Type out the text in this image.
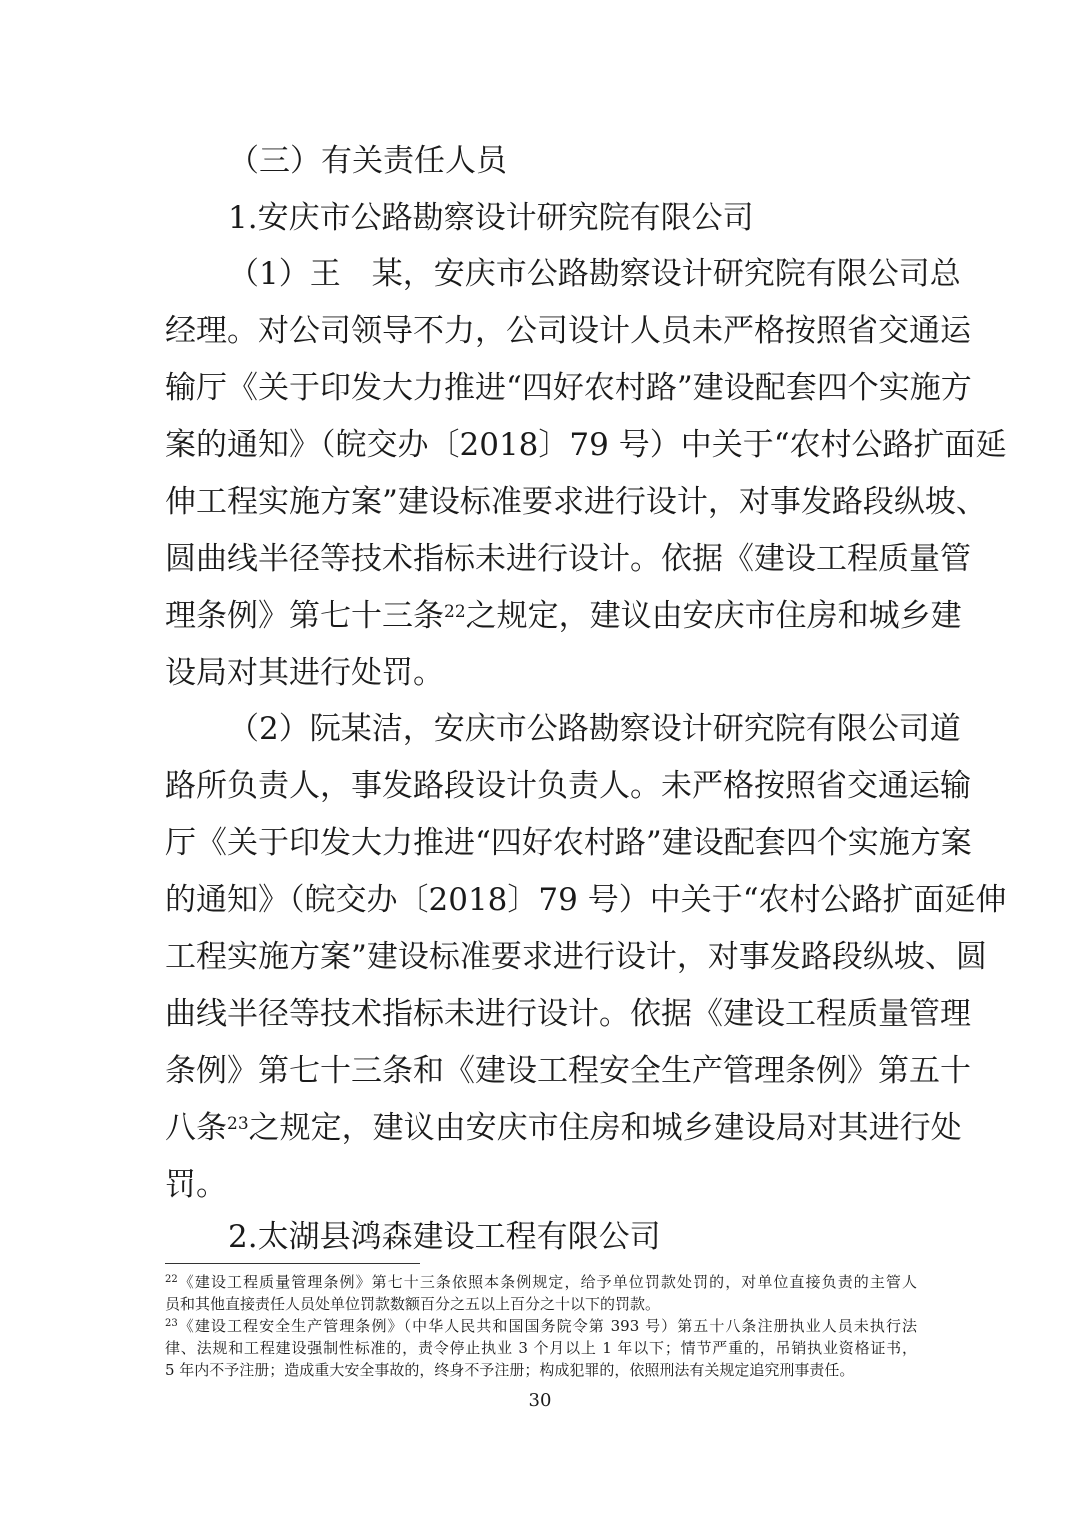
（三）有关责任人员
1.安庆市公路勘察设计研究院有限公司
（1）王　某，安庆市公路勘察设计研究院有限公司总
经理。对公司领导不力，公司设计人员未严格按照省交通运
输厅《关于印发大力推进“四好农村路”建设配套四个实施方
案的通知》（皖交办〔2018〕79 号）中关于“农村公路扩面延
伸工程实施方案”建设标准要求进行设计，对事发路段纵坡、
圆曲线半径等技术指标未进行设计。依据《建设工程质量管
理条例》第七十三条$^{22}$之规定，建议由安庆市住房和城乡建
设局对其进行处罚。
（2）阮某洁，安庆市公路勘察设计研究院有限公司道
路所负责人，事发路段设计负责人。未严格按照省交通运输
厅《关于印发大力推进“四好农村路”建设配套四个实施方案
的通知》（皖交办〔2018〕79 号）中关于“农村公路扩面延伸
工程实施方案”建设标准要求进行设计，对事发路段纵坡、圆
曲线半径等技术指标未进行设计。依据《建设工程质量管理
条例》第七十三条和《建设工程安全生产管理条例》第五十
八条$^{23}$之规定，建议由安庆市住房和城乡建设局对其进行处
罚。
2.太湖县鸿森建设工程有限公司
$^{22}$《建设工程质量管理条例》第七十三条依照本条例规定，给予单位罚款处罚的，对单位直接负责的主管人
员和其他直接责任人员处单位罚款数额百分之五以上百分之十以下的罚款。
$^{23}$《建设工程安全生产管理条例》（中华人民共和国国务院令第 393 号）第五十八条注册执业人员未执行法
律、法规和工程建设强制性标准的，责令停止执业 3 个月以上 1 年以下；情节严重的，吊销执业资格证书，
5 年内不予注册；造成重大安全事故的，终身不予注册；构成犯罪的，依照刑法有关规定追究刑事责任。
30
